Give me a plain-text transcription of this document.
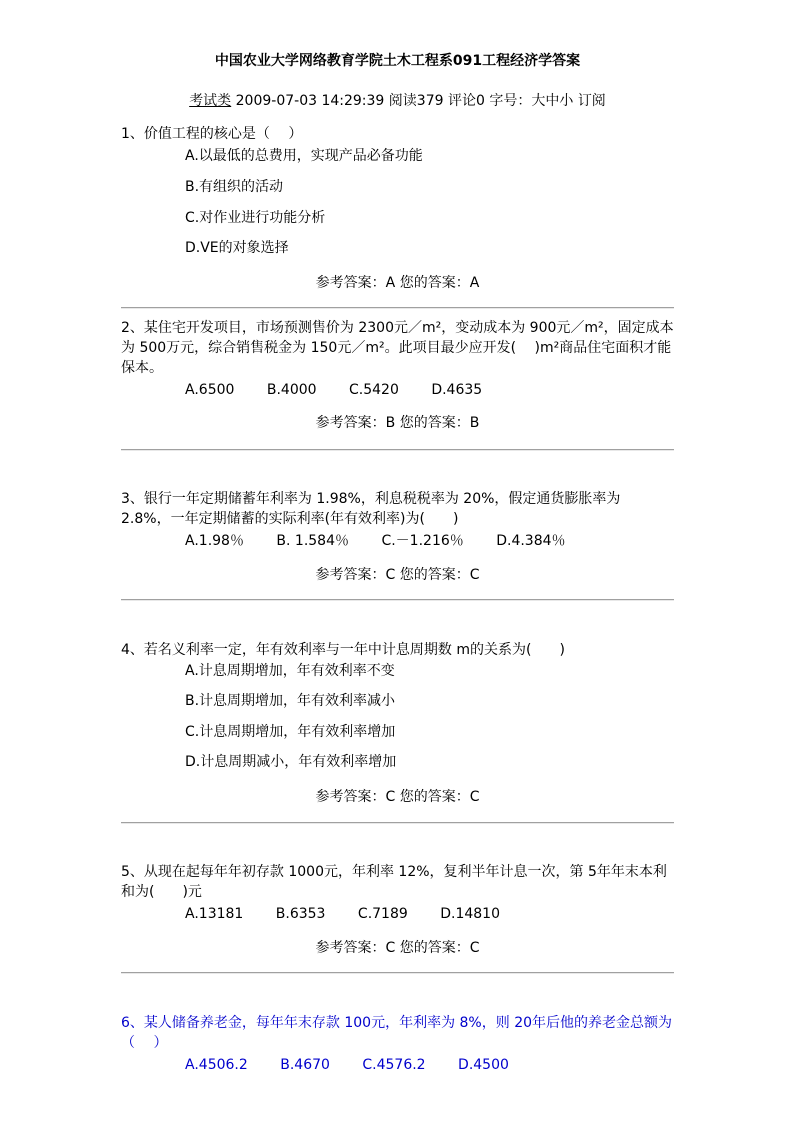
中国农业大学网络教育学院土木工程系091工程经济学答案
考试类 2009-07-03 14:29:39 阅读379 评论0 字号：大中小 订阅
1、价值工程的核心是（　 ）
A.以最低的总费用，实现产品必备功能
B.有组织的活动
C.对作业进行功能分析
D.VE的对象选择
参考答案：A 您的答案：A
2、某住宅开发项目，市场预测售价为 2300元／m²，变动成本为 900元／m²，固定成本为 500万元，综合销售税金为 150元／m²。此项目最少应开发(　 )m²商品住宅面积才能保本。
A.6500 B.4000 C.5420 D.4635
参考答案：B 您的答案：B
3、银行一年定期储蓄年利率为 1.98%，利息税税率为 20%，假定通货膨胀率为 2.8%，一年定期储蓄的实际利率(年有效利率)为(　　)
A.1.98％ B. 1.584％ C.－1.216％ D.4.384％
参考答案：C 您的答案：C
4、若名义利率一定，年有效利率与一年中计息周期数 m的关系为(　　)
A.计息周期增加，年有效利率不变
B.计息周期增加，年有效利率减小
C.计息周期增加，年有效利率增加
D.计息周期减小，年有效利率增加
参考答案：C 您的答案：C
5、从现在起每年年初存款 1000元，年利率 12%，复利半年计息一次，第 5年年末本利和为(　　)元
A.13181 B.6353 C.7189 D.14810
参考答案：C 您的答案：C
6、某人储备养老金，每年年末存款 100元，年利率为 8%，则 20年后他的养老金总额为（　 ）
A.4506.2 B.4670 C.4576.2 D.4500
